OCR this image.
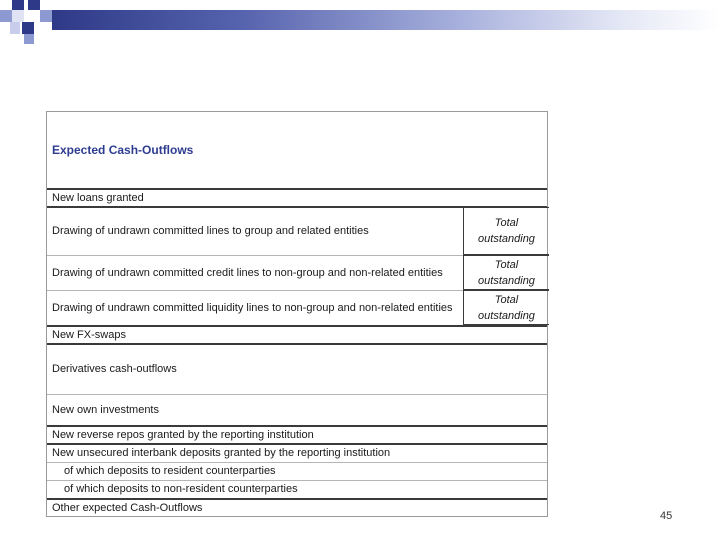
Expected Cash-Outflows
New loans granted
Drawing of undrawn committed lines to group and related entities
Total
outstanding
Drawing of undrawn committed credit lines to non-group and non-related entities
Total
outstanding
Drawing of undrawn committed liquidity lines to non-group and non-related entities
Total
outstanding
New FX-swaps
Derivatives cash-outflows
New own investments
New reverse repos granted by the reporting institution
New unsecured interbank deposits granted by the reporting institution
of which deposits to resident counterparties
of which deposits to non-resident counterparties
Other expected Cash-Outflows
45
